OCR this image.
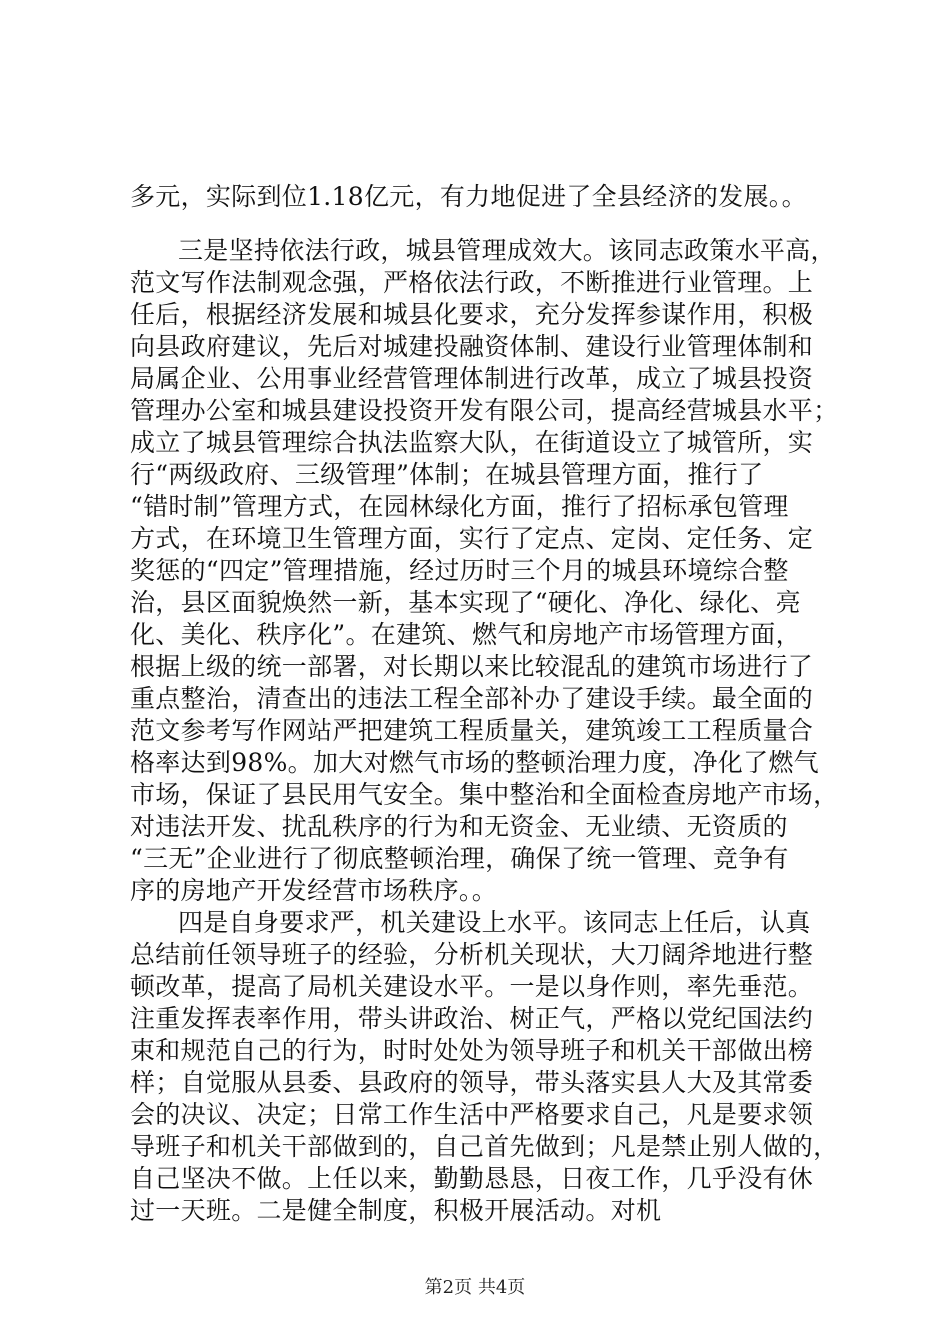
多元，实际到位1.18亿元，有力地促进了全县经济的发展。。
三是坚持依法行政，城县管理成效大。该同志政策水平高，
范文写作法制观念强，严格依法行政，不断推进行业管理。上
任后，根据经济发展和城县化要求，充分发挥参谋作用，积极
向县政府建议，先后对城建投融资体制、建设行业管理体制和
局属企业、公用事业经营管理体制进行改革，成立了城县投资
管理办公室和城县建设投资开发有限公司，提高经营城县水平；
成立了城县管理综合执法监察大队，在街道设立了城管所，实
行“两级政府、三级管理”体制；在城县管理方面，推行了
“错时制”管理方式，在园林绿化方面，推行了招标承包管理
方式，在环境卫生管理方面，实行了定点、定岗、定任务、定
奖惩的“四定”管理措施，经过历时三个月的城县环境综合整
治，县区面貌焕然一新，基本实现了“硬化、净化、绿化、亮
化、美化、秩序化”。在建筑、燃气和房地产市场管理方面，
根据上级的统一部署，对长期以来比较混乱的建筑市场进行了
重点整治，清查出的违法工程全部补办了建设手续。最全面的
范文参考写作网站严把建筑工程质量关，建筑竣工工程质量合
格率达到98%。加大对燃气市场的整顿治理力度，净化了燃气
市场，保证了县民用气安全。集中整治和全面检查房地产市场，
对违法开发、扰乱秩序的行为和无资金、无业绩、无资质的
“三无”企业进行了彻底整顿治理，确保了统一管理、竞争有
序的房地产开发经营市场秩序。。
四是自身要求严，机关建设上水平。该同志上任后，认真
总结前任领导班子的经验，分析机关现状，大刀阔斧地进行整
顿改革，提高了局机关建设水平。一是以身作则，率先垂范。
注重发挥表率作用，带头讲政治、树正气，严格以党纪国法约
束和规范自己的行为，时时处处为领导班子和机关干部做出榜
样；自觉服从县委、县政府的领导，带头落实县人大及其常委
会的决议、决定；日常工作生活中严格要求自己，凡是要求领
导班子和机关干部做到的，自己首先做到；凡是禁止别人做的，
自己坚决不做。上任以来，勤勤恳恳，日夜工作，几乎没有休
过一天班。二是健全制度，积极开展活动。对机
第2页 共4页
